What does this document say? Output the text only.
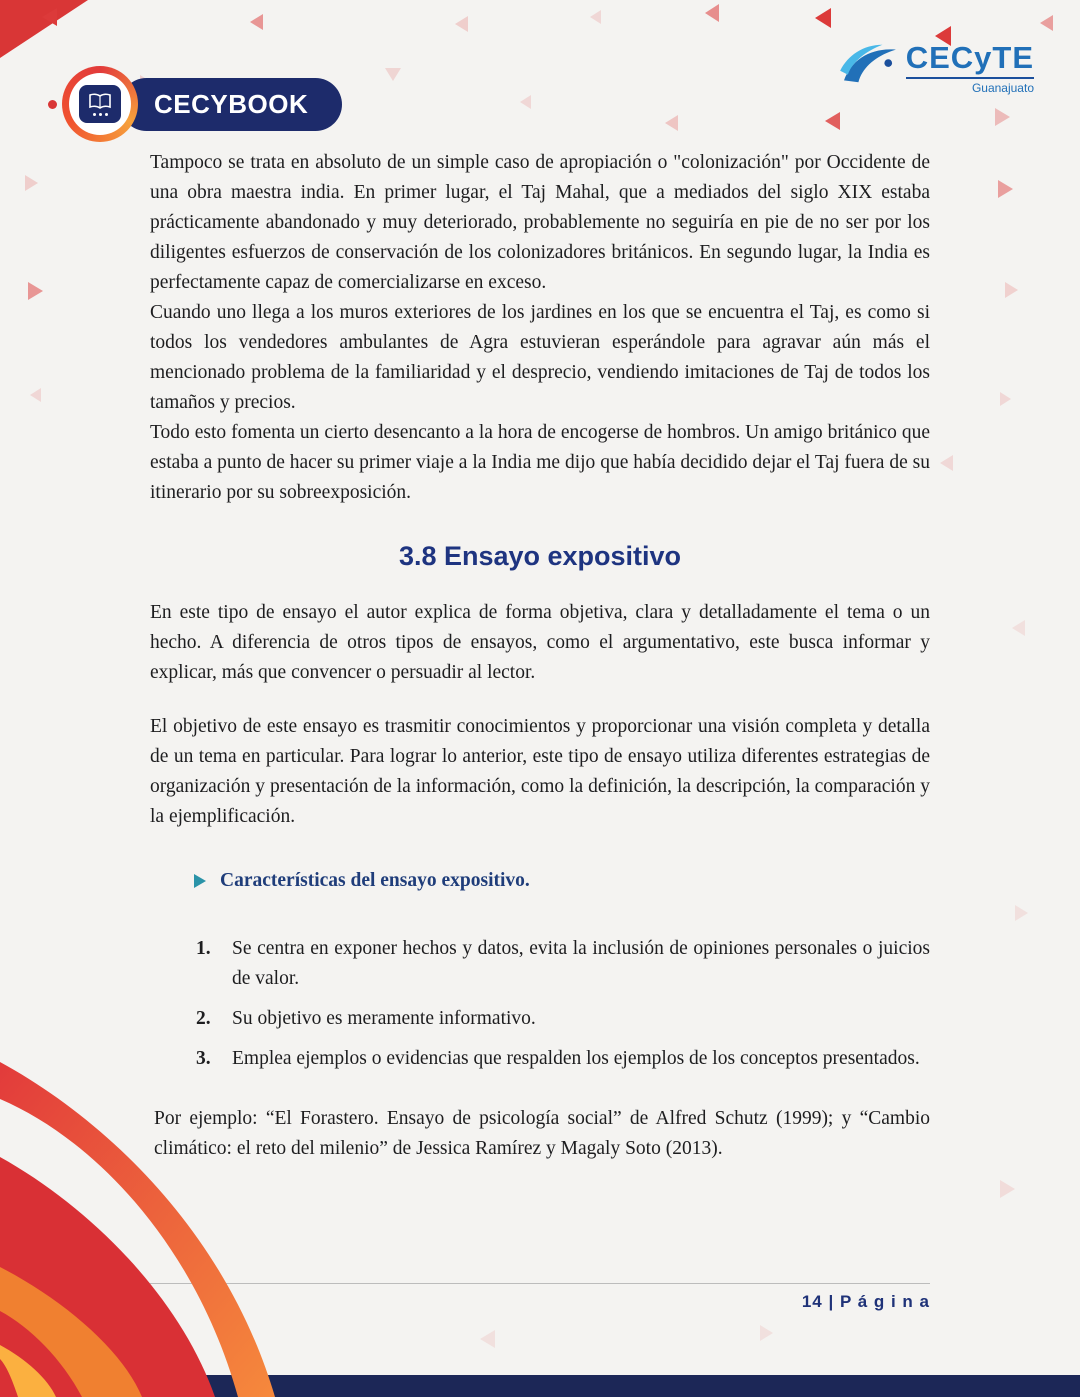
CECYBOOK
CECyTE
Guanajuato

Tampoco se trata en absoluto de un simple caso de apropiación o "colonización" por Occidente de una obra maestra india. En primer lugar, el Taj Mahal, que a mediados del siglo XIX estaba prácticamente abandonado y muy deteriorado, probablemente no seguiría en pie de no ser por los diligentes esfuerzos de conservación de los colonizadores británicos. En segundo lugar, la India es perfectamente capaz de comercializarse en exceso.

Cuando uno llega a los muros exteriores de los jardines en los que se encuentra el Taj, es como si todos los vendedores ambulantes de Agra estuvieran esperándole para agravar aún más el mencionado problema de la familiaridad y el desprecio, vendiendo imitaciones de Taj de todos los tamaños y precios.

Todo esto fomenta un cierto desencanto a la hora de encogerse de hombros. Un amigo británico que estaba a punto de hacer su primer viaje a la India me dijo que había decidido dejar el Taj fuera de su itinerario por su sobreexposición.

3.8 Ensayo expositivo

En este tipo de ensayo el autor explica de forma objetiva, clara y detalladamente el tema o un hecho. A diferencia de otros tipos de ensayos, como el argumentativo, este busca informar y explicar, más que convencer o persuadir al lector.

El objetivo de este ensayo es trasmitir conocimientos y proporcionar una visión completa y detalla de un tema en particular. Para lograr lo anterior, este tipo de ensayo utiliza diferentes estrategias de organización y presentación de la información, como la definición, la descripción, la comparación y la ejemplificación.

Características del ensayo expositivo.
1.	Se centra en exponer hechos y datos, evita la inclusión de opiniones personales o juicios de valor.
2.	Su objetivo es meramente informativo.
3.	Emplea ejemplos o evidencias que respalden los ejemplos de los conceptos presentados.

Por ejemplo: “El Forastero. Ensayo de psicología social” de Alfred Schutz (1999); y “Cambio climático: el reto del milenio” de Jessica Ramírez y Magaly Soto (2013).

14 | P á g i n a
